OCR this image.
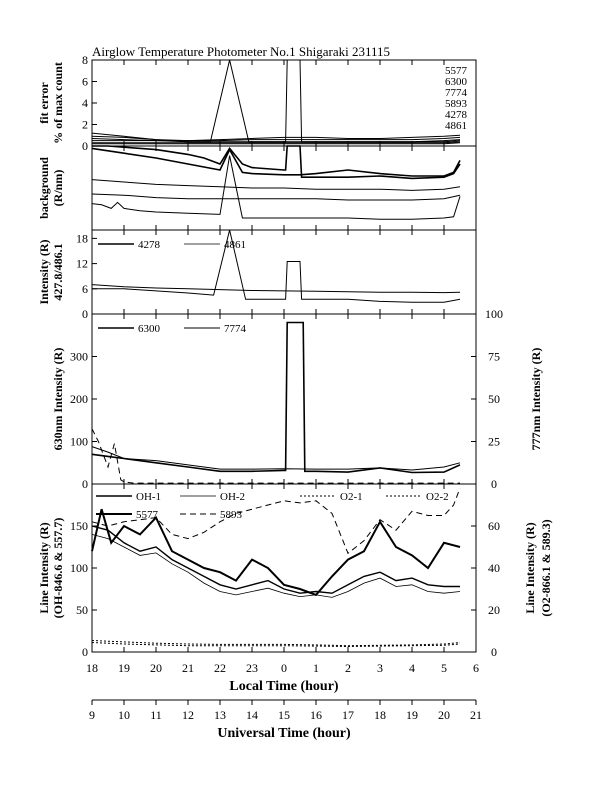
Airglow Temperature Photometer No.1 Shigaraki 231115
0
2
4
6
8
fit error % of max count
background (R/nm)
0
6
12
18
Intensity (R) 427.8/486.1
0
100
200
300
0
25
50
75
100
630nm Intensity (R)	777nm Intensity (R)
0
50
100
150
0
20
40
60
Line Intensity (R) (OH-846.6 & 557.7)	Line Intensity (R) (O2-866.1 & 589.3)
5577
6300
7774
5893
4278
4861
4278	4861
6300	7774
OH-1	OH-2	O2-1	O2-2
5577	5893
18 19 20 21 22 23 0 1 2 3 4 5 6
Local Time (hour)
9 10 11 12 13 14 15 16 17 18 19 20 21
Universal Time (hour)
